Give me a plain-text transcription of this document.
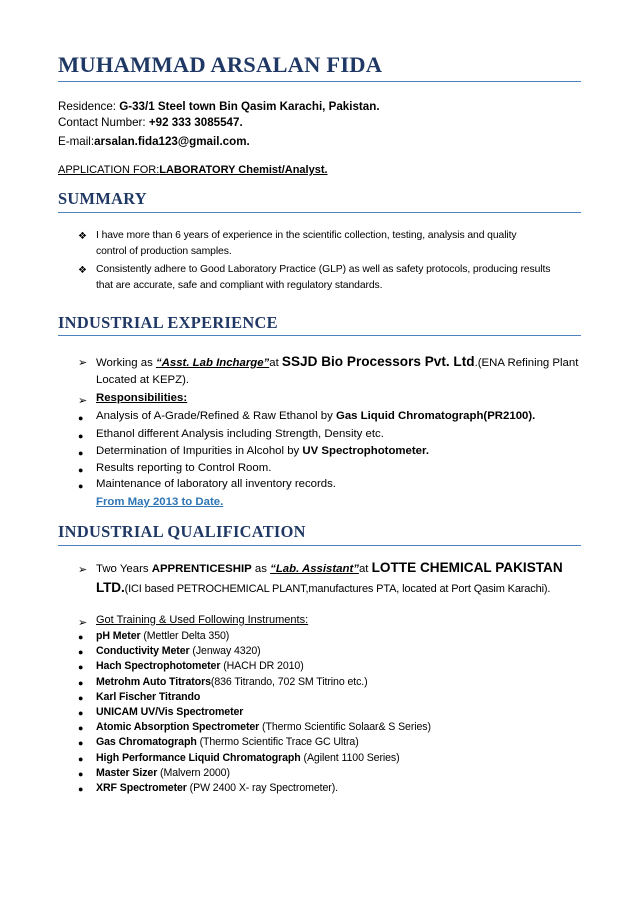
MUHAMMAD ARSALAN FIDA
Residence: G-33/1 Steel town Bin Qasim Karachi, Pakistan.
Contact Number: +92 333 3085547.
E-mail:arsalan.fida123@gmail.com.
APPLICATION FOR:LABORATORY Chemist/Analyst.
SUMMARY
❖ I have more than 6 years of experience in the scientific collection, testing, analysis and quality
control of production samples.
❖ Consistently adhere to Good Laboratory Practice (GLP) as well as safety protocols, producing results
that are accurate, safe and compliant with regulatory standards.
INDUSTRIAL EXPERIENCE
➢ Working as “Asst. Lab Incharge”at SSJD Bio Processors Pvt. Ltd.(ENA Refining Plant
Located at KEPZ).
➢ Responsibilities:
● Analysis of A-Grade/Refined & Raw Ethanol by Gas Liquid Chromatograph(PR2100).
● Ethanol different Analysis including Strength, Density etc.
● Determination of Impurities in Alcohol by UV Spectrophotometer.
● Results reporting to Control Room.
● Maintenance of laboratory all inventory records.
From May 2013 to Date.
INDUSTRIAL QUALIFICATION
➢ Two Years APPRENTICESHIP as “Lab. Assistant”at LOTTE CHEMICAL PAKISTAN
LTD.(ICI based PETROCHEMICAL PLANT,manufactures PTA, located at Port Qasim Karachi).
➢ Got Training & Used Following Instruments:
● pH Meter (Mettler Delta 350)
● Conductivity Meter (Jenway 4320)
● Hach Spectrophotometer (HACH DR 2010)
● Metrohm Auto Titrators(836 Titrando, 702 SM Titrino etc.)
● Karl Fischer Titrando
● UNICAM UV/Vis Spectrometer
● Atomic Absorption Spectrometer (Thermo Scientific Solaar& S Series)
● Gas Chromatograph (Thermo Scientific Trace GC Ultra)
● High Performance Liquid Chromatograph (Agilent 1100 Series)
● Master Sizer (Malvern 2000)
● XRF Spectrometer (PW 2400 X- ray Spectrometer).
